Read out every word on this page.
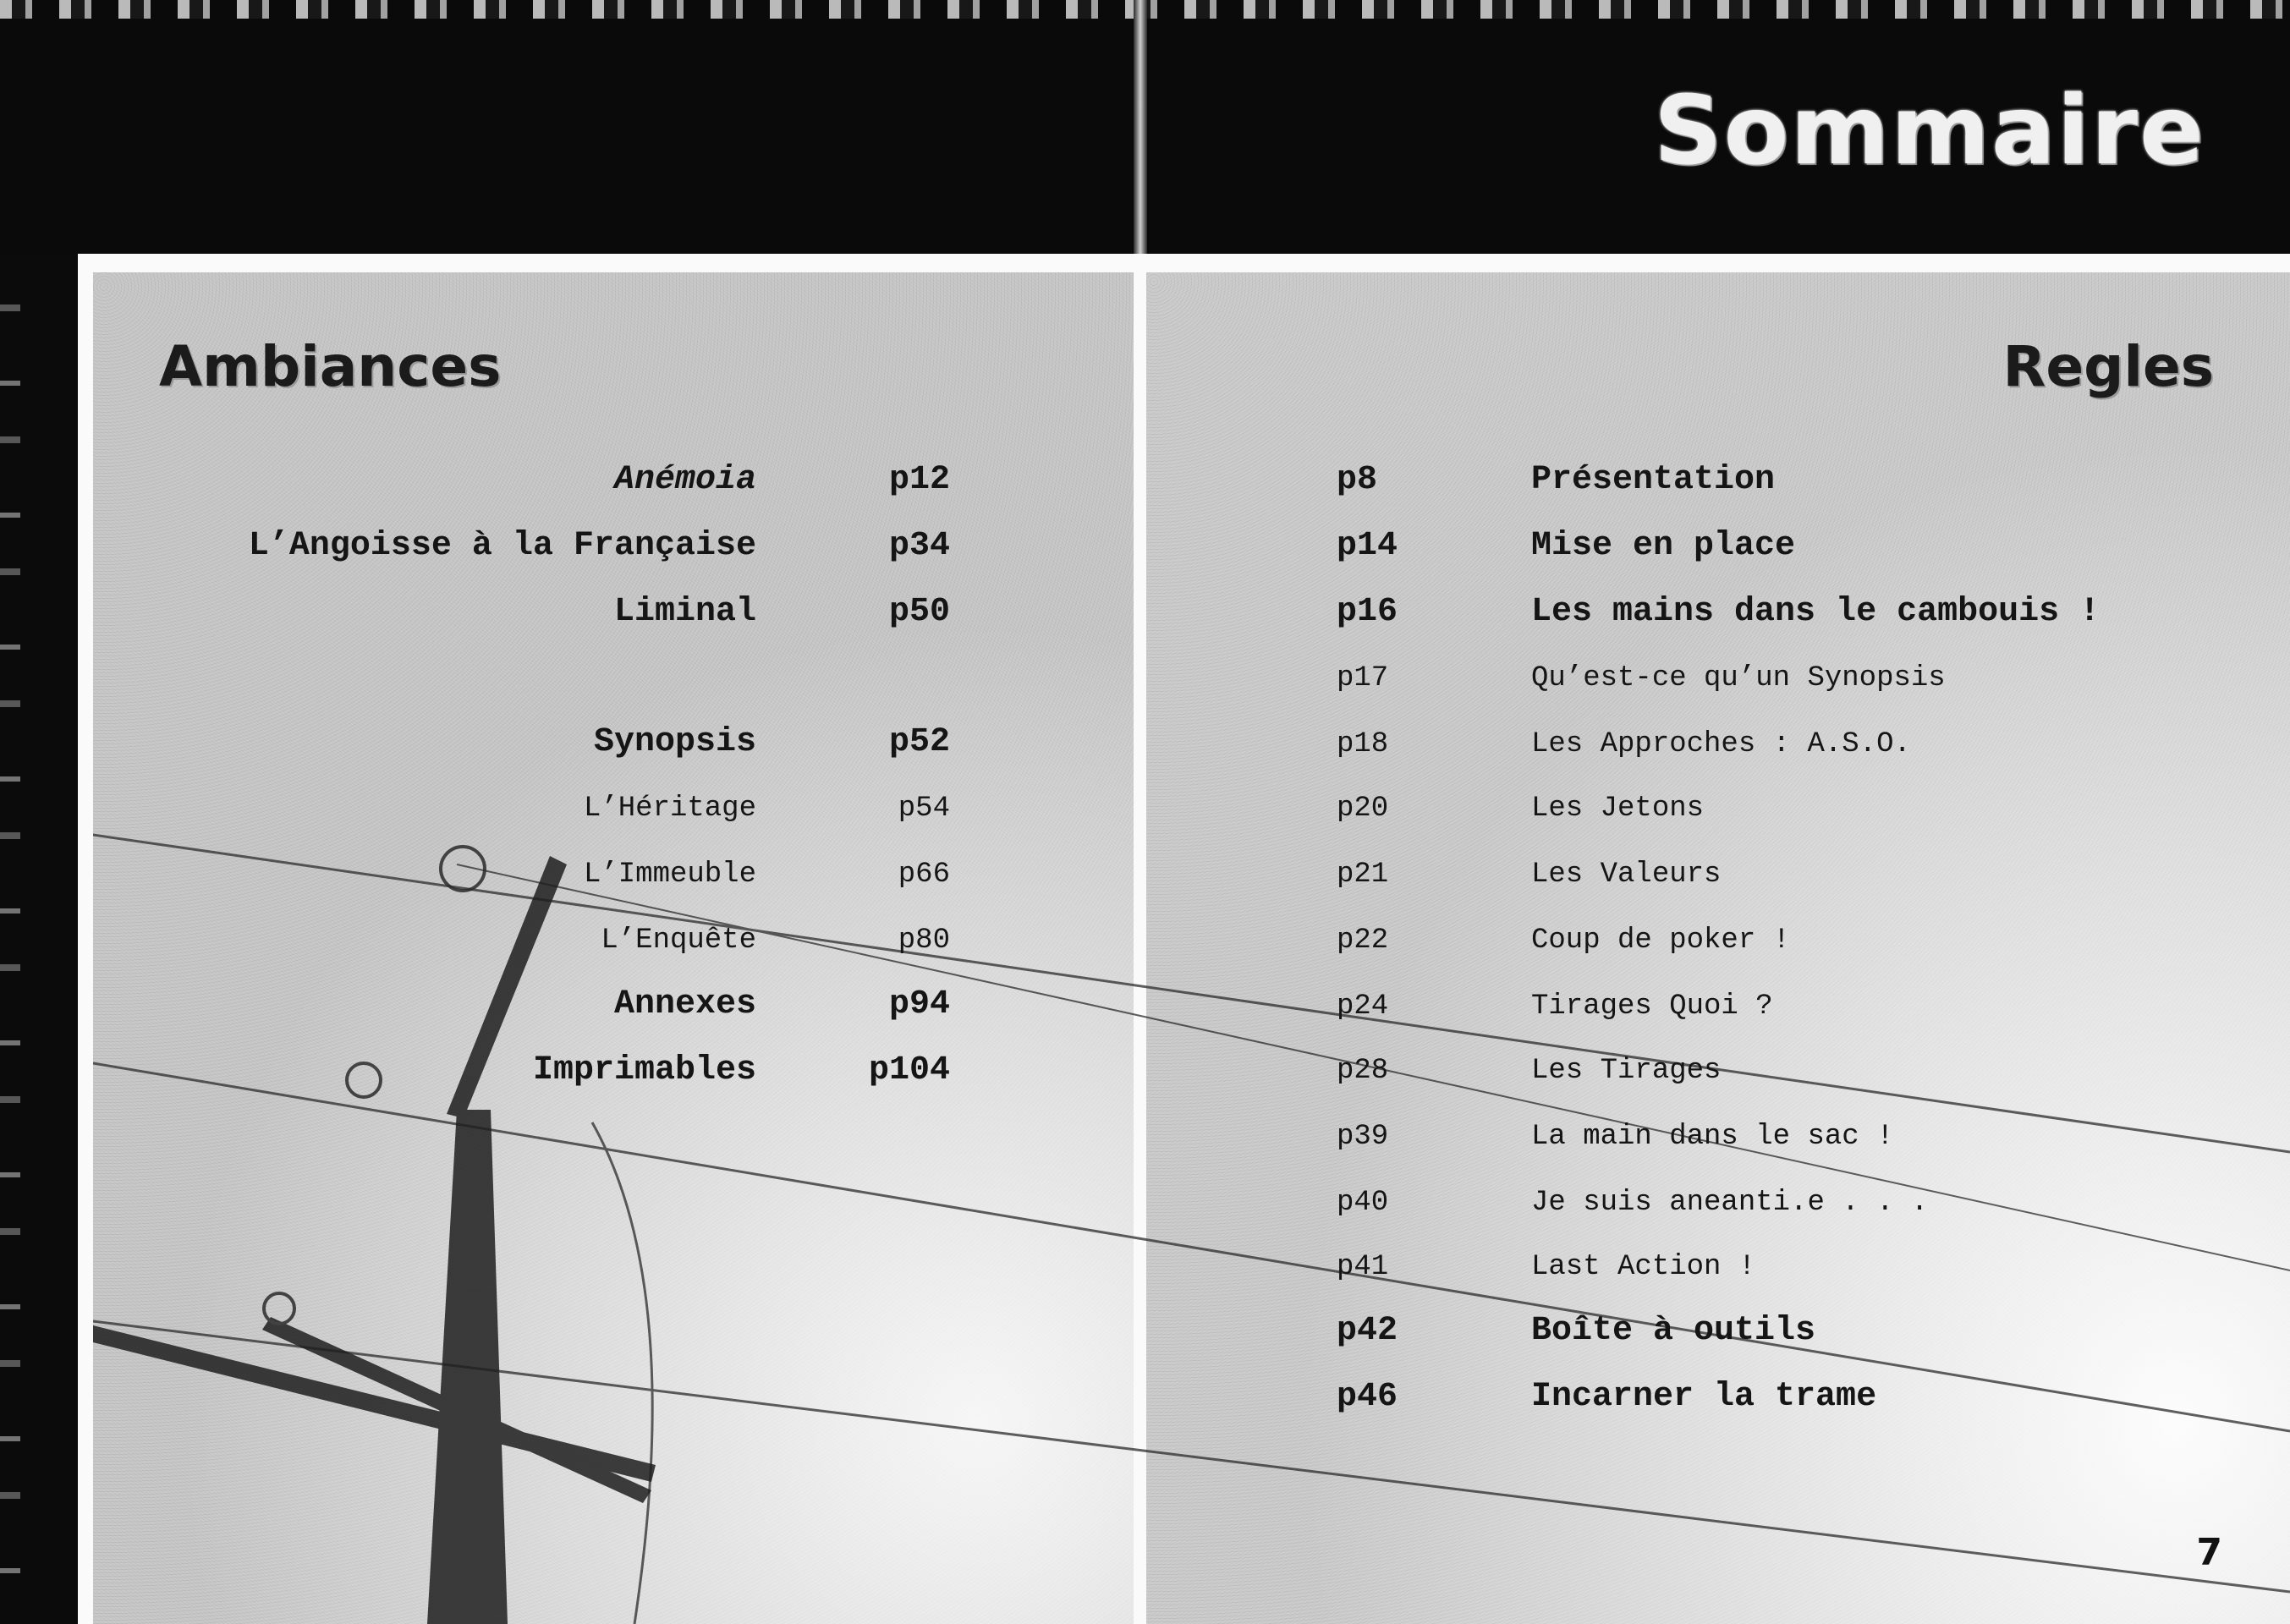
Sommaire
Ambiances	Regles
Anémoia	p12
L’Angoisse à la Française	p34
Liminal	p50
Synopsis	p52
L’Héritage	p54
L’Immeuble	p66
L’Enquête	p80
Annexes	p94
Imprimables	p104
p8	Présentation
p14	Mise en place
p16	Les mains dans le cambouis !
p17	Qu’est-ce qu’un Synopsis
p18	Les Approches : A.S.O.
p20	Les Jetons
p21	Les Valeurs
p22	Coup de poker !
p24	Tirages Quoi ?
p28	Les Tirages
p39	La main dans le sac !
p40	Je suis aneanti.e . . .
p41	Last Action !
p42	Boîte à outils
p46	Incarner la trame
7
